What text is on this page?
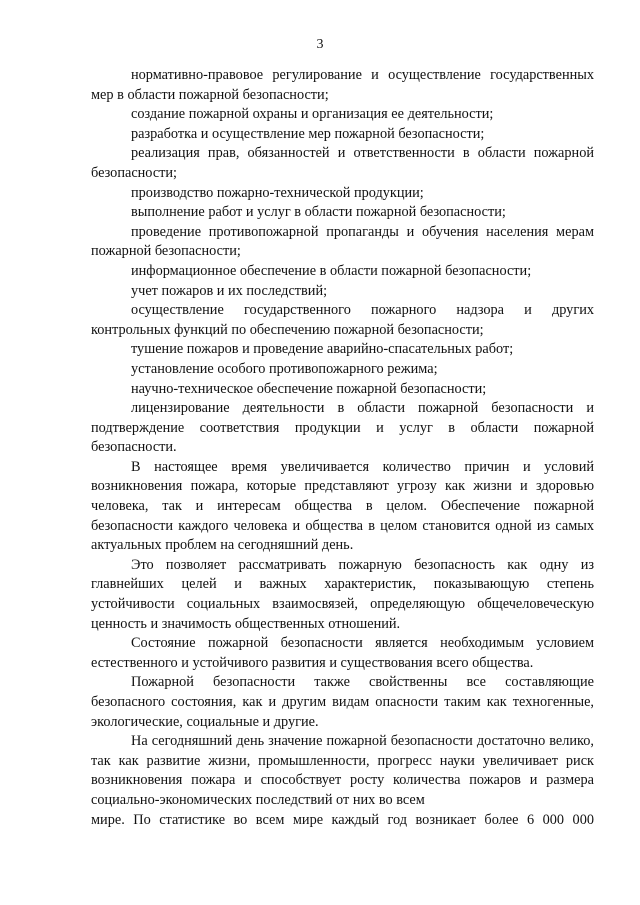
3

нормативно-правовое регулирование и осуществление государственных мер в области пожарной безопасности;

создание пожарной охраны и организация ее деятельности;

разработка и осуществление мер пожарной безопасности;

реализация прав, обязанностей и ответственности в области пожарной безопасности;

производство пожарно-технической продукции;

выполнение работ и услуг в области пожарной безопасности;

проведение противопожарной пропаганды и обучения населения мерам пожарной безопасности;

информационное обеспечение в области пожарной безопасности;

учет пожаров и их последствий;

осуществление государственного пожарного надзора и других контрольных функций по обеспечению пожарной безопасности;

тушение пожаров и проведение аварийно-спасательных работ;

установление особого противопожарного режима;

научно-техническое обеспечение пожарной безопасности;

лицензирование деятельности в области пожарной безопасности и подтверждение соответствия продукции и услуг в области пожарной безопасности.

В настоящее время увеличивается количество причин и условий возникновения пожара, которые представляют угрозу как жизни и здоровью человека, так и интересам общества в целом. Обеспечение пожарной безопасности каждого человека и общества в целом становится одной из самых актуальных проблем на сегодняшний день.

Это позволяет рассматривать пожарную безопасность как одну из главнейших целей и важных характеристик, показывающую степень устойчивости социальных взаимосвязей, определяющую общечеловеческую ценность и значимость общественных отношений.

Состояние пожарной безопасности является необходимым условием естественного и устойчивого развития и существования всего общества.

Пожарной безопасности также свойственны все составляющие безопасного состояния, как и другим видам опасности таким как техногенные, экологические, социальные и другие.

На сегодняшний день значение пожарной безопасности достаточно велико, так как развитие жизни, промышленности, прогресс науки увеличивает риск возникновения пожара и способствует росту количества пожаров и размера социально-экономических последствий от них во всем

мире. По статистике во всем мире каждый год возникает более 6 000 000
